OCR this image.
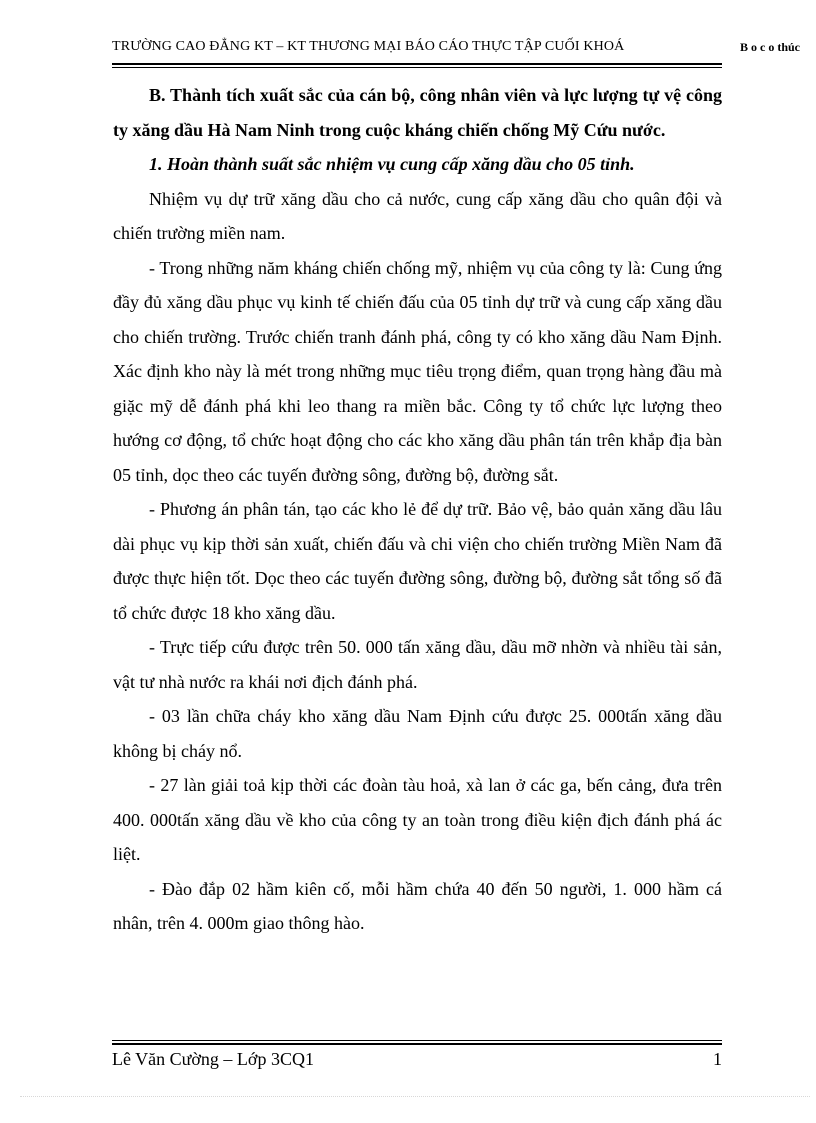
TRƯỜNG CAO ĐẲNG KT – KT THƯƠNG MẠI BÁO CÁO THỰC TẬP CUỐI KHOÁ	B o c o thúc

B. Thành tích xuất sắc của cán bộ, công nhân viên và lực lượng tự vệ công ty xăng dầu Hà Nam Ninh trong cuộc kháng chiến chống Mỹ Cứu nước.

1. Hoàn thành suất sắc nhiệm vụ cung cấp xăng dầu cho 05 tỉnh.

Nhiệm vụ dự trữ xăng dầu cho cả nước, cung cấp xăng dầu cho quân đội và chiến trường miền nam.

- Trong những năm kháng chiến chống mỹ, nhiệm vụ của công ty là: Cung ứng đầy đủ xăng dầu phục vụ kinh tế chiến đấu của 05 tỉnh dự trữ và cung cấp xăng dầu cho chiến trường. Trước chiến tranh đánh phá, công ty có kho xăng dầu Nam Định. Xác định kho này là mét trong những mục tiêu trọng điểm, quan trọng hàng đầu mà giặc mỹ dễ đánh phá khi leo thang ra miền bắc. Công ty tổ chức lực lượng theo hướng cơ động, tổ chức hoạt động cho các kho xăng dầu phân tán trên khắp địa bàn 05 tỉnh, dọc theo các tuyến đường sông, đường bộ, đường sắt.

- Phương án phân tán, tạo các kho lẻ để dự trữ. Bảo vệ, bảo quản xăng dầu lâu dài phục vụ kịp thời sản xuất, chiến đấu và chi viện cho chiến trường Miền Nam đã được thực hiện tốt. Dọc theo các tuyến đường sông, đường bộ, đường sắt tổng số đã tổ chức được 18 kho xăng dầu.

- Trực tiếp cứu được trên 50. 000 tấn xăng dầu, dầu mỡ nhờn và nhiều tài sản, vật tư nhà nước ra khái nơi địch đánh phá.

- 03 lần chữa cháy kho xăng dầu Nam Định cứu được 25. 000tấn xăng dầu không bị cháy nổ.

- 27 làn giải toả kịp thời các đoàn tàu hoả, xà lan ở các ga, bến cảng, đưa trên 400. 000tấn xăng dầu về kho của công ty an toàn trong điều kiện địch đánh phá ác liệt.

- Đào đắp 02 hầm kiên cố, mỗi hầm chứa 40 đến 50 người, 1. 000 hầm cá nhân, trên 4. 000m giao thông hào.

Lê Văn Cường – Lớp 3CQ1	1
